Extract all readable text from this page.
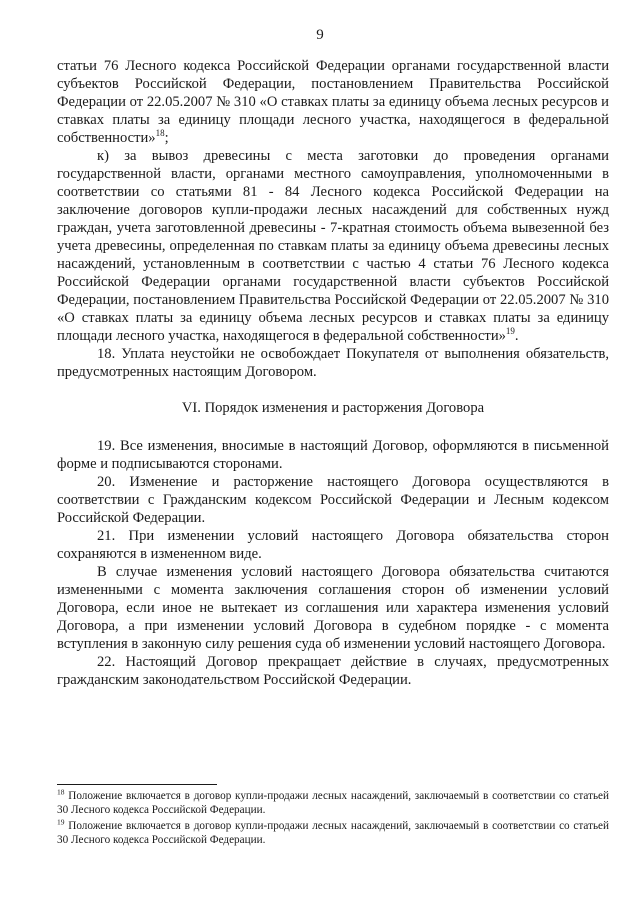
9

статьи 76 Лесного кодекса Российской Федерации органами государственной власти субъектов Российской Федерации, постановлением Правительства Российской Федерации от 22.05.2007 № 310 «О ставках платы за единицу объема лесных ресурсов и ставках платы за единицу площади лесного участка, находящегося в федеральной собственности»$^{18}$;

к) за вывоз древесины с места заготовки до проведения органами государственной власти, органами местного самоуправления, уполномоченными в соответствии со статьями 81 - 84 Лесного кодекса Российской Федерации на заключение договоров купли-продажи лесных насаждений для собственных нужд граждан, учета заготовленной древесины - 7-кратная стоимость объема вывезенной без учета древесины, определенная по ставкам платы за единицу объема древесины лесных насаждений, установленным в соответствии с частью 4 статьи 76 Лесного кодекса Российской Федерации органами государственной власти субъектов Российской Федерации, постановлением Правительства Российской Федерации от 22.05.2007 № 310 «О ставках платы за единицу объема лесных ресурсов и ставках платы за единицу площади лесного участка, находящегося в федеральной собственности»$^{19}$.

18. Уплата неустойки не освобождает Покупателя от выполнения обязательств, предусмотренных настоящим Договором.

VI. Порядок изменения и расторжения Договора

19. Все изменения, вносимые в настоящий Договор, оформляются в письменной форме и подписываются сторонами.

20. Изменение и расторжение настоящего Договора осуществляются в соответствии с Гражданским кодексом Российской Федерации и Лесным кодексом Российской Федерации.

21. При изменении условий настоящего Договора обязательства сторон сохраняются в измененном виде.

В случае изменения условий настоящего Договора обязательства считаются измененными с момента заключения соглашения сторон об изменении условий Договора, если иное не вытекает из соглашения или характера изменения условий Договора, а при изменении условий Договора в судебном порядке - с момента вступления в законную силу решения суда об изменении условий настоящего Договора.

22. Настоящий Договор прекращает действие в случаях, предусмотренных гражданским законодательством Российской Федерации.

$^{18}$ Положение включается в договор купли-продажи лесных насаждений, заключаемый в соответствии со статьей 30 Лесного кодекса Российской Федерации.

$^{19}$ Положение включается в договор купли-продажи лесных насаждений, заключаемый в соответствии со статьей 30 Лесного кодекса Российской Федерации.
